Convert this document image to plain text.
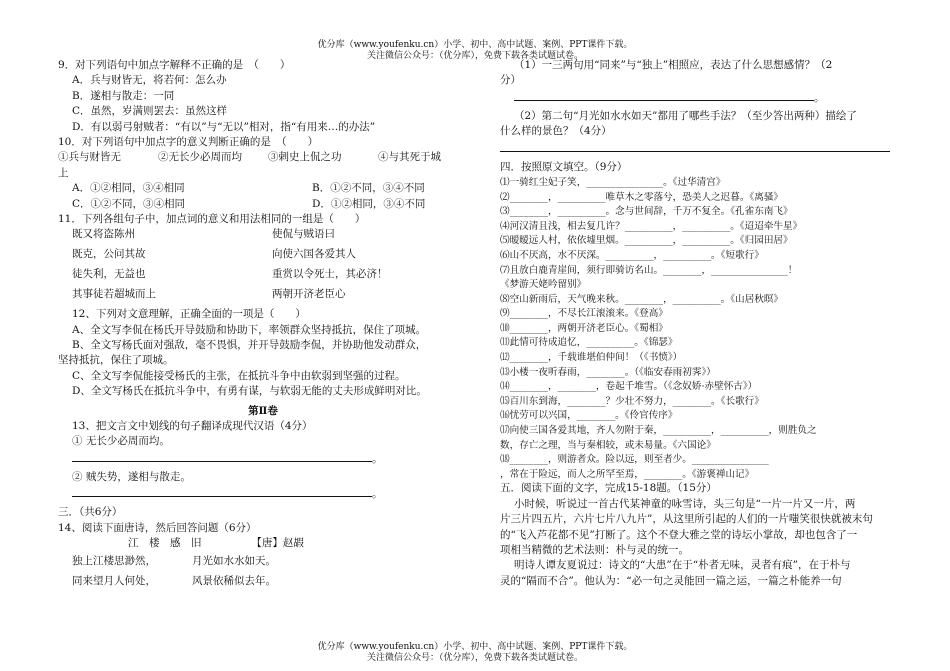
优分库（www.youfenku.cn）小学、初中、高中试题、案例、PPT课件下载。
关注微信公众号：（优分库），免费下载各类试题试卷。
9．对下列语句中加点字解释不正确的是　（　　）
A．兵与财皆无，将若何：怎么办
B．遂相与散走：一同
C．虽然，岁满则罢去：虽然这样
D．有以弱弓射贼者：“有以”与“无以”相对，指“有用来…的办法”
10．对下列语句中加点字的意义判断正确的是　（　　）
①兵与财皆无	②无长少必周而均	③剌史上侃之功	④与其死于城
上
A．①②相同，③④相同	B．①②不同，③④不同
C．①②不同，③④相同	D．①②相同，③④不同
11．下列各组句子中，加点词的意义和用法相同的一组是（　　）
既又将盗陈州	使侃与贼语曰
既克，公问其故	向使六国各爱其人
徒失利，无益也	重赏以令死士，其必济！
其事徒若超城而上	两朝开济老臣心
12、下列对文意理解，正确全面的一项是（　　）
A、全文写李侃在杨氏开导鼓励和协助下，率领群众坚持抵抗，保住了项城。
B、全文写杨氏面对强敌，毫不畏惧，并开导鼓励李侃，并协助他发动群众，
坚持抵抗，保住了项城。
C、全文写李侃能接受杨氏的主张，在抵抗斗争中由软弱到坚强的过程。
D、全文写杨氏在抵抗斗争中，有勇有谋，与软弱无能的丈夫形成鲜明对比。
第Ⅱ卷
13、把文言文中划线的句子翻译成现代汉语（4分）
① 无长少必周而均。
。
② 贼失势，遂相与散走。
。
三．（共6分）
14、阅读下面唐诗，然后回答问题（6分）
江　楼　感　旧	【唐】赵嘏
独上江楼思渺然，	月光如水水如天。
同来望月人何处，	风景依稀似去年。
（1）一三两句用“同来”与“独上”相照应，表达了什么思想感情？（2
分）
。
（2）第二句“月光如水水如天”都用了哪些手法？（至少答出两种）描绘了
什么样的景色？（4分）
四．按照原文填空。（9分）
⑴一骑红尘妃子笑，________________。《过华清宫》
⑵________，__________唯草木之零落兮，恐美人之迟暮。《离骚》
⑶________，__________。念与世间辞，千万不复全。《孔雀东南飞》
⑷河汉清且浅，相去复几许？__________，__________。《迢迢牵牛星》
⑸暧暧远人村，依依墟里烟。__________，__________。《归园田居》
⑹山不厌高，水不厌深。__________，__________。《短歌行》
⑺且放白鹿青崖间，须行即骑访名山。________，________________！
《梦游天姥吟留别》
⑻空山新雨后，天气晚来秋。________，__________。《山居秋暝》
⑼________，不尽长江滚滚来。《登高》
⑽________，两朝开济老臣心。《蜀相》
⑾此情可待成追忆，__________。《锦瑟》
⑿________，千载谁堪伯仲间！（《书愤》）
⒀小楼一夜听春雨，________。（《临安春雨初霁》）
⒁________，________，卷起千堆雪。（《念奴娇·赤壁怀古》）
⒂百川东到海，________？少壮不努力，________。《长歌行》
⒃忧劳可以兴国，________。《伶官传序》
⒄向使三国各爱其地，齐人勿附于秦，__________，__________，则胜负之
数，存亡之理，当与秦相较，或未易量。《六国论》
⒅________，则游者众。险以远，则至者少。________________
，常在于险远，而人之所罕至焉，________。《游褒禅山记》
五．阅读下面的文字，完成15-18题。（15分）
小时候，听说过一首古代某神童的咏雪诗，头三句是“一片一片又一片，两
片三片四五片，六片七片八九片”，从这里所引起的人们的一片嗤笑很快就被末句
的“飞入芦花都不见”打断了。这个不登大雅之堂的诗坛小掌故，却也包含了一
项相当精微的艺术法则：朴与灵的统一。
明诗人谭友夏说过：诗文的“大患”在于“朴者无味，灵者有痕”，在于朴与
灵的“隔而不合”。他认为：“必一句之灵能回一篇之运，一篇之朴能养一句
优分库（www.youfenku.cn）小学、初中、高中试题、案例、PPT课件下载。
关注微信公众号：（优分库），免费下载各类试题试卷。
